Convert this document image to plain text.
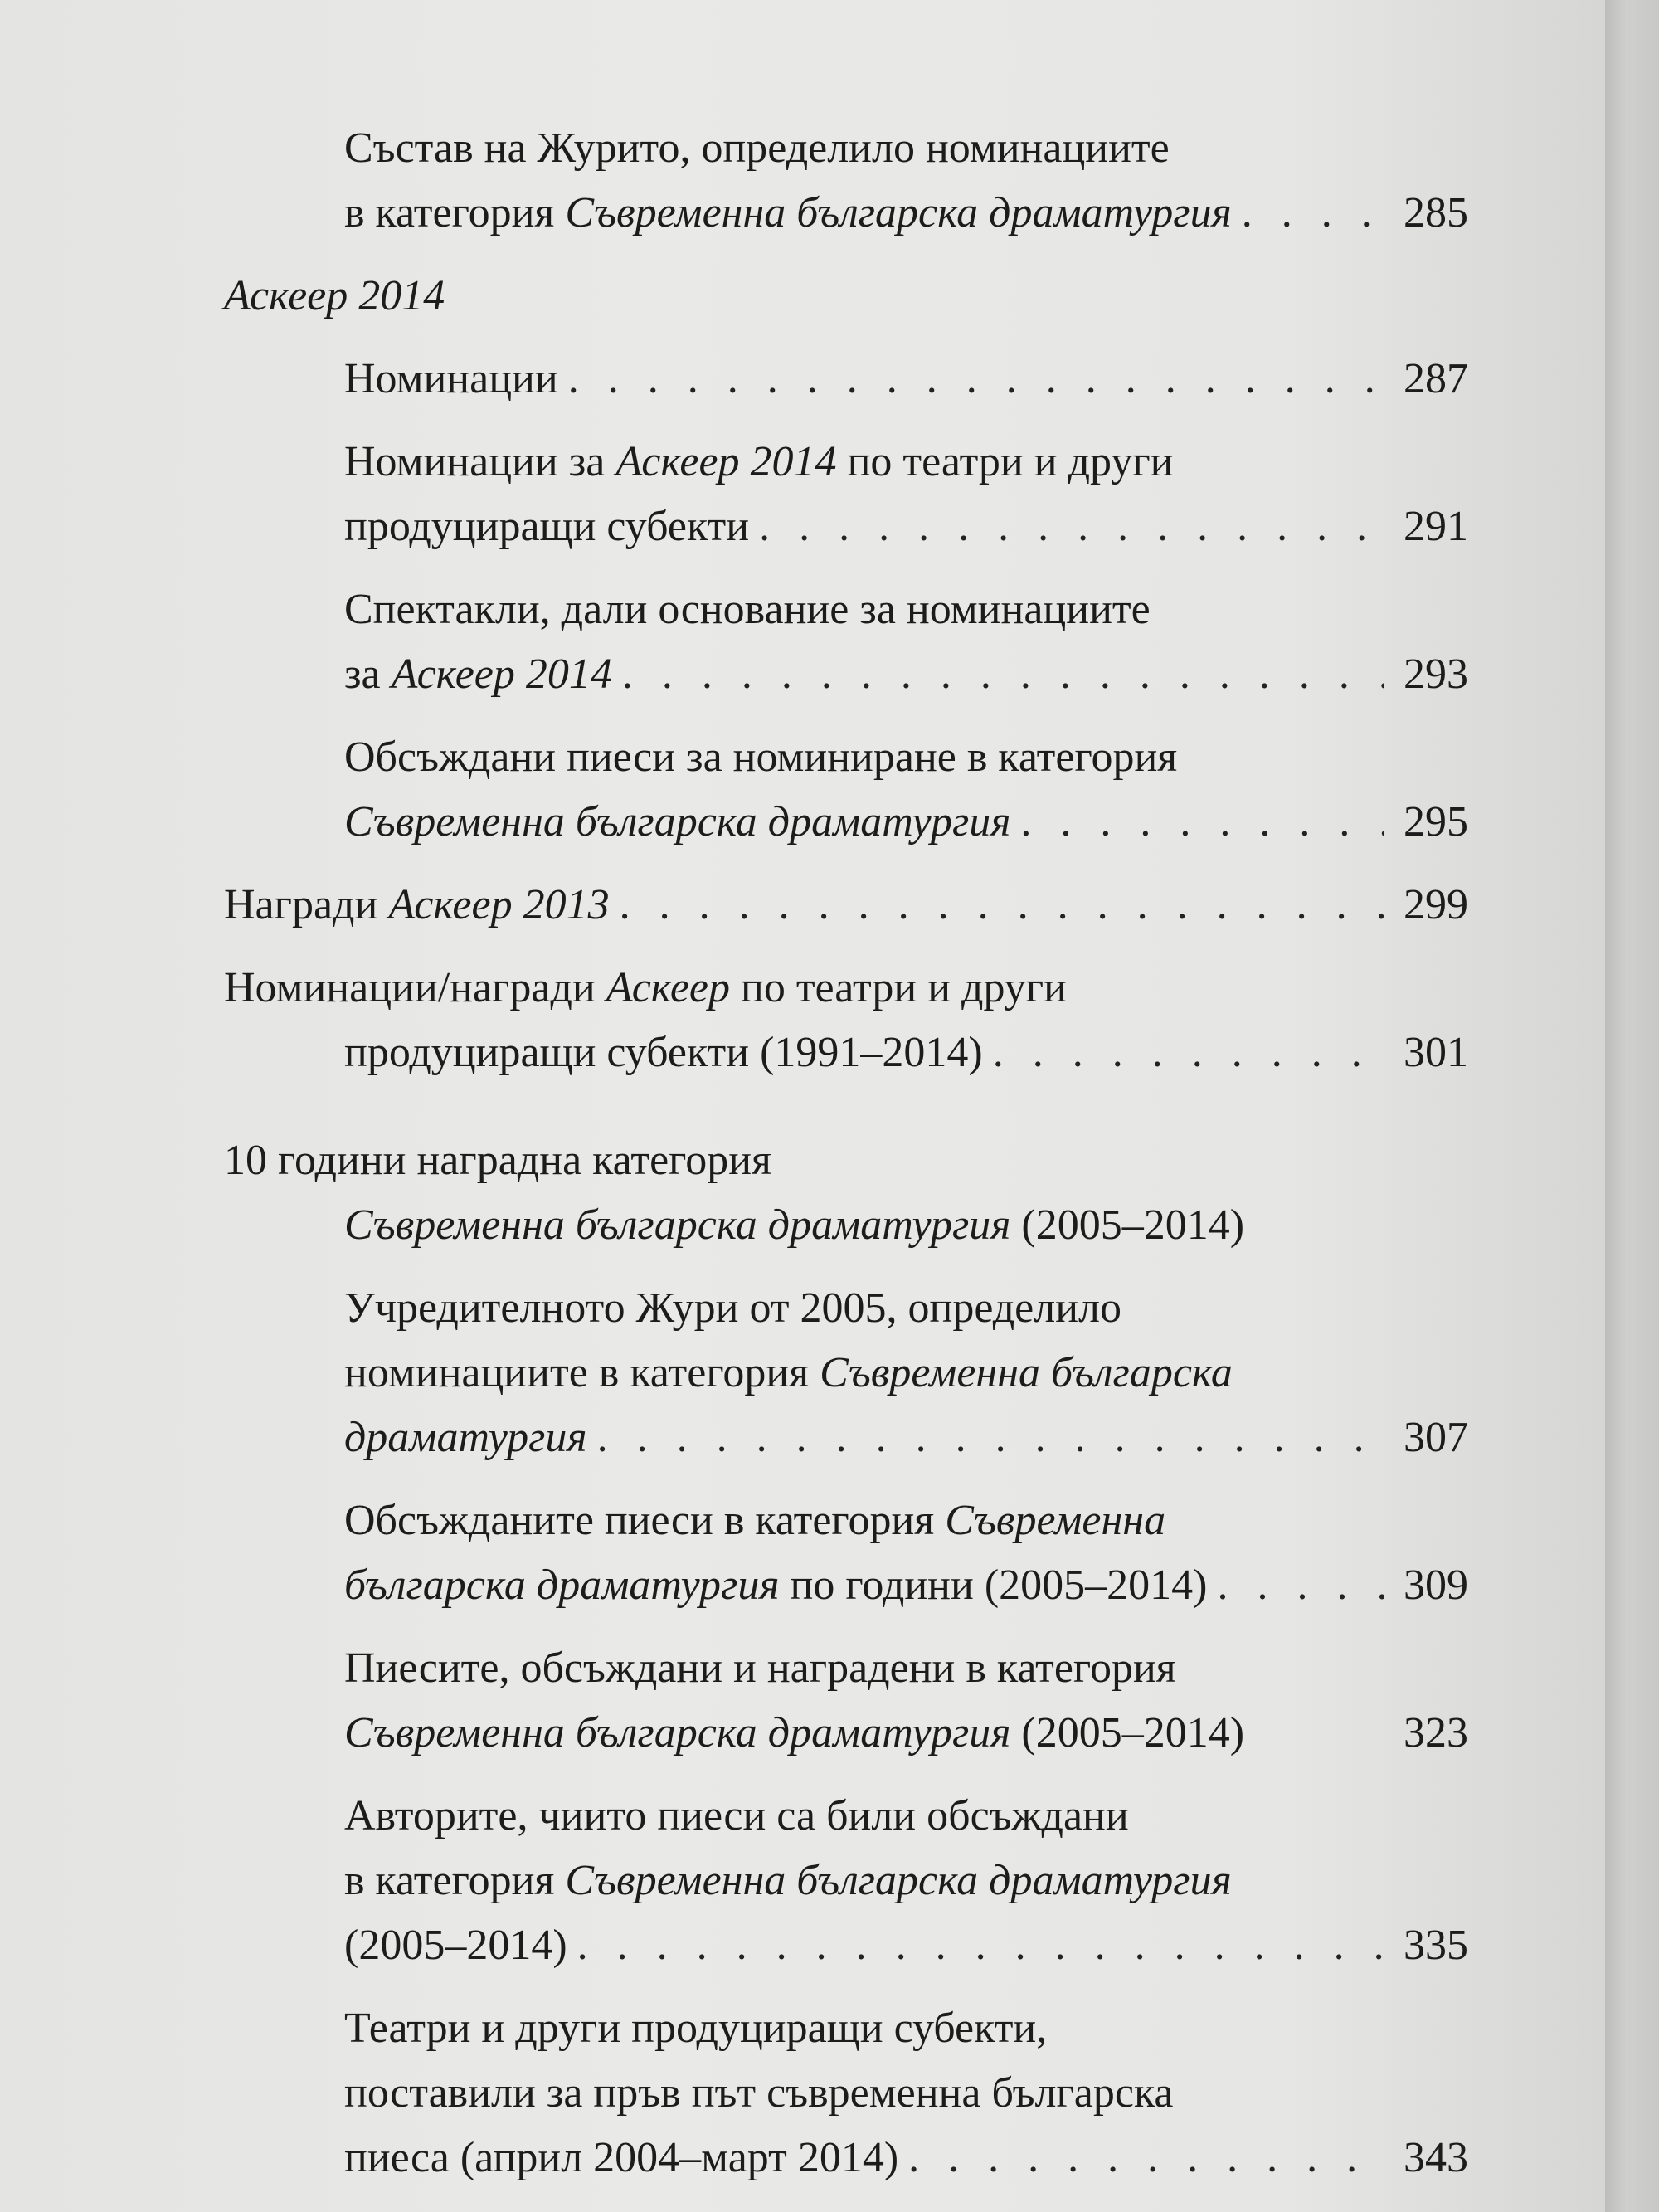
Състав на Журито, определило номинациите
в категория Съвременна българска драматургия . . .	285
Аскеер 2014
Номинации . . .	287
Номинации за Аскеер 2014 по театри и други
продуциращи субекти . . .	291
Спектакли, дали основание за номинациите
за Аскеер 2014 . . .	293
Обсъждани пиеси за номиниране в категория
Съвременна българска драматургия . . .	295
Награди Аскеер 2013 . . .	299
Номинации/награди Аскеер по театри и други
продуциращи субекти (1991–2014) . . .	301
10 години наградна категория
Съвременна българска драматургия (2005–2014)
Учредителното Жури от 2005, определило
номинациите в категория Съвременна българска
драматургия . . .	307
Обсъжданите пиеси в категория Съвременна
българска драматургия по години (2005–2014) . . .	309
Пиесите, обсъждани и наградени в категория
Съвременна българска драматургия (2005–2014)	323
Авторите, чиито пиеси са били обсъждани
в категория Съвременна българска драматургия
(2005–2014) . . .	335
Театри и други продуциращи субекти,
поставили за пръв път съвременна българска
пиеса (април 2004–март 2014) . . .	343
